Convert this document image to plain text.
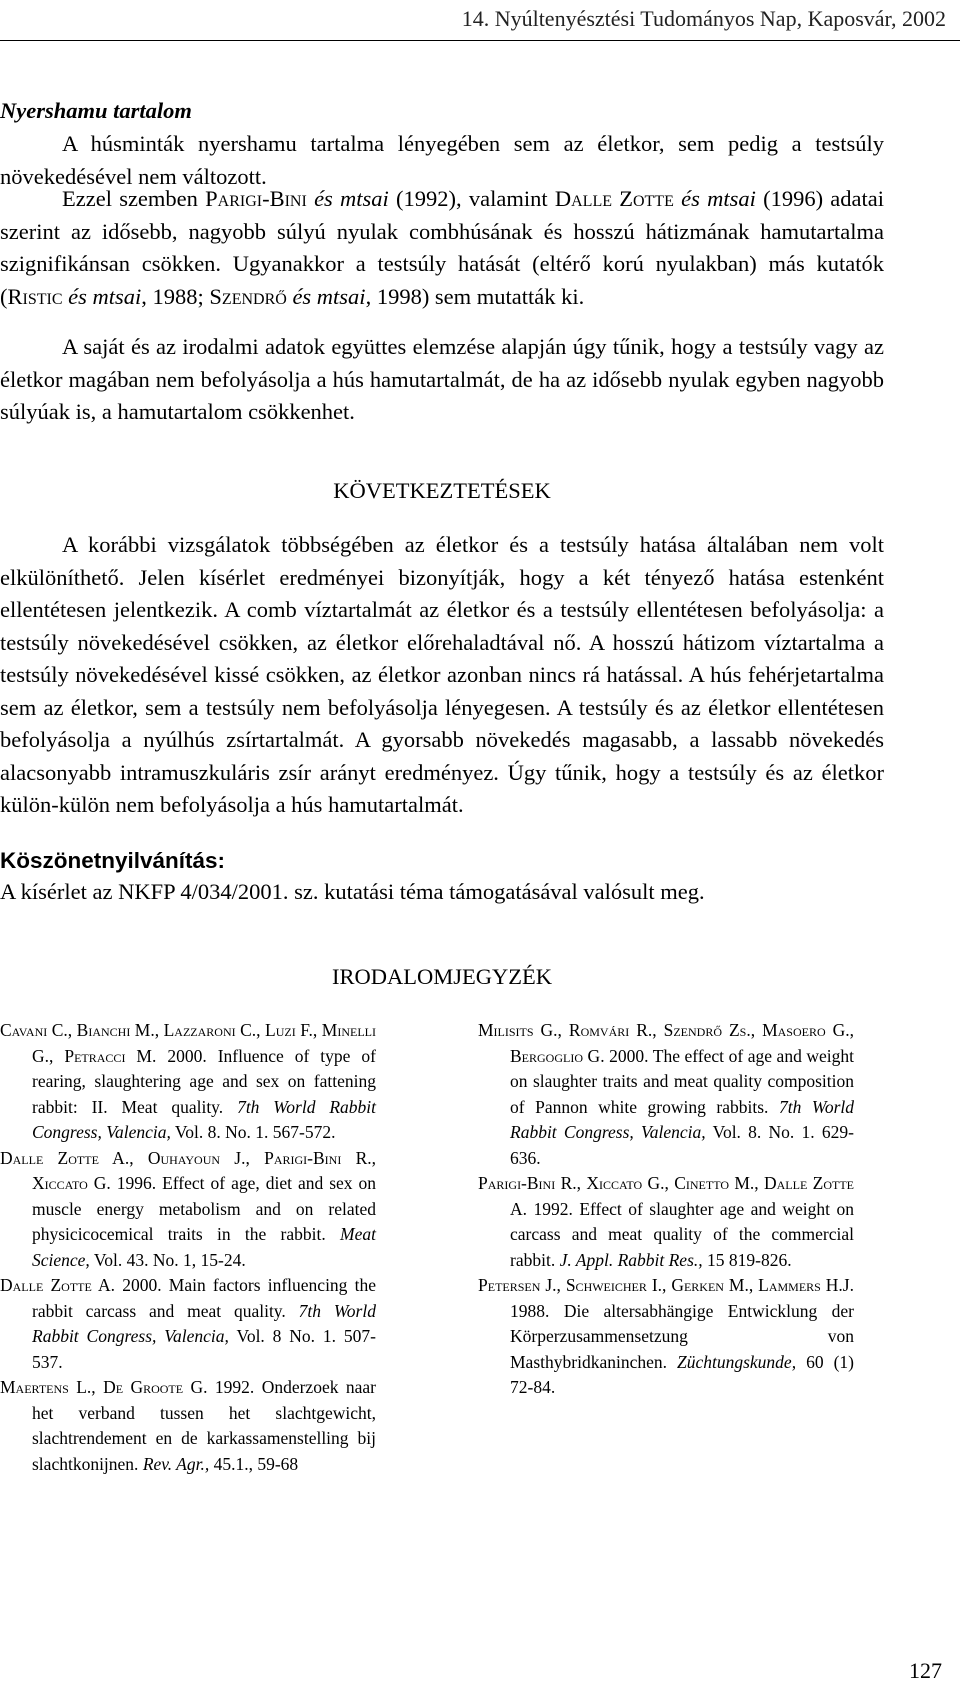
14. Nyúltenyésztési Tudományos Nap, Kaposvár, 2002
Nyershamu tartalom

A húsminták nyershamu tartalma lényegében sem az életkor, sem pedig a testsúly növekedésével nem változott.

Ezzel szemben Parigi-Bini és mtsai (1992), valamint Dalle Zotte és mtsai (1996) adatai szerint az idősebb, nagyobb súlyú nyulak combhúsának és hosszú hátizmának hamutartalma szignifikánsan csökken. Ugyanakkor a testsúly hatását (eltérő korú nyulakban) más kutatók (Ristic és mtsai, 1988; Szendrő és mtsai, 1998) sem mutatták ki.

A saját és az irodalmi adatok együttes elemzése alapján úgy tűnik, hogy a testsúly vagy az életkor magában nem befolyásolja a hús hamutartalmát, de ha az idősebb nyulak egyben nagyobb súlyúak is, a hamutartalom csökkenhet.

KÖVETKEZTETÉSEK

A korábbi vizsgálatok többségében az életkor és a testsúly hatása általában nem volt elkülöníthető. Jelen kísérlet eredményei bizonyítják, hogy a két tényező hatása estenként ellentétesen jelentkezik. A comb víztartalmát az életkor és a testsúly ellentétesen befolyásolja: a testsúly növekedésével csökken, az életkor előrehaladtával nő. A hosszú hátizom víztartalma a testsúly növekedésével kissé csökken, az életkor azonban nincs rá hatással. A hús fehérjetartalma sem az életkor, sem a testsúly nem befolyásolja lényegesen. A testsúly és az életkor ellentétesen befolyásolja a nyúlhús zsírtartalmát. A gyorsabb növekedés magasabb, a lassabb növekedés alacsonyabb intramuszkuláris zsír arányt eredményez. Úgy tűnik, hogy a testsúly és az életkor külön-külön nem befolyásolja a hús hamutartalmát.

Köszönetnyilvánítás:
A kísérlet az NKFP 4/034/2001. sz. kutatási téma támogatásával valósult meg.
IRODALOMJEGYZÉK

Cavani C., Bianchi M., Lazzaroni C., Luzi F., Minelli G., Petracci M. 2000. Influence of type of rearing, slaughtering age and sex on fattening rabbit: II. Meat quality. 7th World Rabbit Congress, Valencia, Vol. 8. No. 1. 567-572.

Dalle Zotte A., Ouhayoun J., Parigi-Bini R., Xiccato G. 1996. Effect of age, diet and sex on muscle energy metabolism and on related physicicocemical traits in the rabbit. Meat Science, Vol. 43. No. 1, 15-24.

Dalle Zotte A. 2000. Main factors influencing the rabbit carcass and meat quality. 7th World Rabbit Congress, Valencia, Vol. 8 No. 1. 507-537.

Maertens L., De Groote G. 1992. Onderzoek naar het verband tussen het slachtgewicht, slachtrendement en de karkassamenstelling bij slachtkonijnen. Rev. Agr., 45.1., 59-68

Milisits G., Romvári R., Szendrő Zs., Masoero G., Bergoglio G. 2000. The effect of age and weight on slaughter traits and meat quality composition of Pannon white growing rabbits. 7th World Rabbit Congress, Valencia, Vol. 8. No. 1. 629-636.

Parigi-Bini R., Xiccato G., Cinetto M., Dalle Zotte A. 1992. Effect of slaughter age and weight on carcass and meat quality of the commercial rabbit. J. Appl. Rabbit Res., 15 819-826.

Petersen J., Schweicher I., Gerken M., Lammers H.J. 1988. Die altersabhängige Entwicklung der Körperzusammensetzung von Masthybridkaninchen. Züchtungskunde, 60 (1) 72-84.

127
